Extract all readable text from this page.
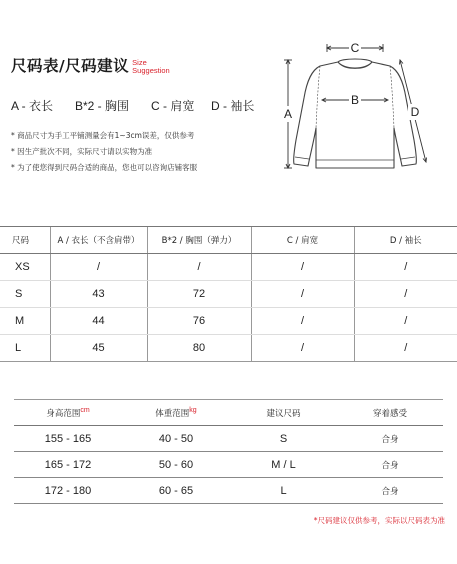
尺码表/尺码建议 Size
Suggestion
A - 衣长 B*2 - 胸围 C - 肩宽 D - 袖长
* 商品尺寸为手工平铺测量会有1~3cm误差，仅供参考
* 因生产批次不同，实际尺寸请以实物为准
* 为了使您得到尺码合适的商品，您也可以咨询店铺客服
C
B
A	D
尺码	A / 衣长（不含肩带）	B*2 / 胸围（弹力）	C / 肩宽	D / 袖长
XS	/	/	/	/
S	43	72	/	/
M	44	76	/	/
L	45	80	/	/
身高范围$^{cm}$	体重范围$^{kg}$	建议尺码	穿着感受
155 - 165	40 - 50	S	合身
165 - 172	50 - 60	M / L	合身
172 - 180	60 - 65	L	合身
*尺码建议仅供参考，实际以尺码表为准
